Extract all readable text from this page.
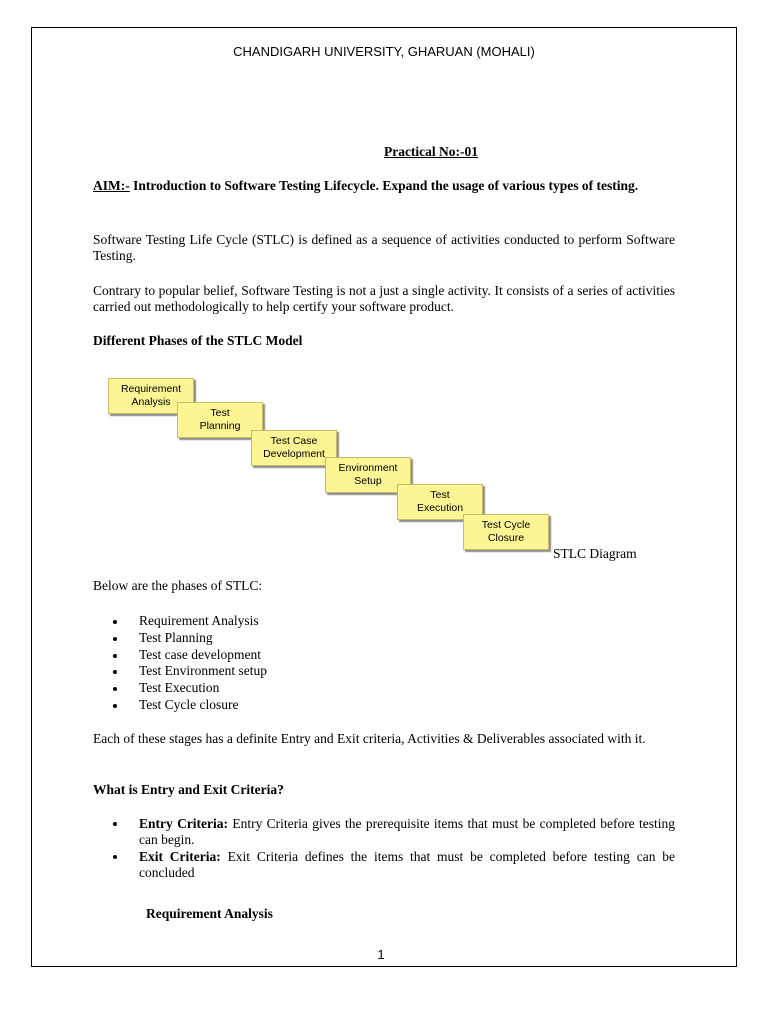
CHANDIGARH UNIVERSITY, GHARUAN (MOHALI)
Practical No:-01
AIM:- Introduction to Software Testing Lifecycle. Expand the usage of various types of testing.

Software Testing Life Cycle (STLC) is defined as a sequence of activities conducted to perform Software Testing.

Contrary to popular belief, Software Testing is not a just a single activity. It consists of a series of activities carried out methodologically to help certify your software product.

Different Phases of the STLC Model

Requirement
Analysis
Test
Planning
Test Case
Development
Environment
Setup
Test
Execution
Test Cycle
Closure
STLC Diagram

Below are the phases of STLC:

Requirement Analysis
Test Planning
Test case development
Test Environment setup
Test Execution
Test Cycle closure

Each of these stages has a definite Entry and Exit criteria, Activities & Deliverables associated with it.

What is Entry and Exit Criteria?

Entry Criteria: Entry Criteria gives the prerequisite items that must be completed before testing can begin.
Exit Criteria: Exit Criteria defines the items that must be completed before testing can be concluded
Requirement Analysis
1
